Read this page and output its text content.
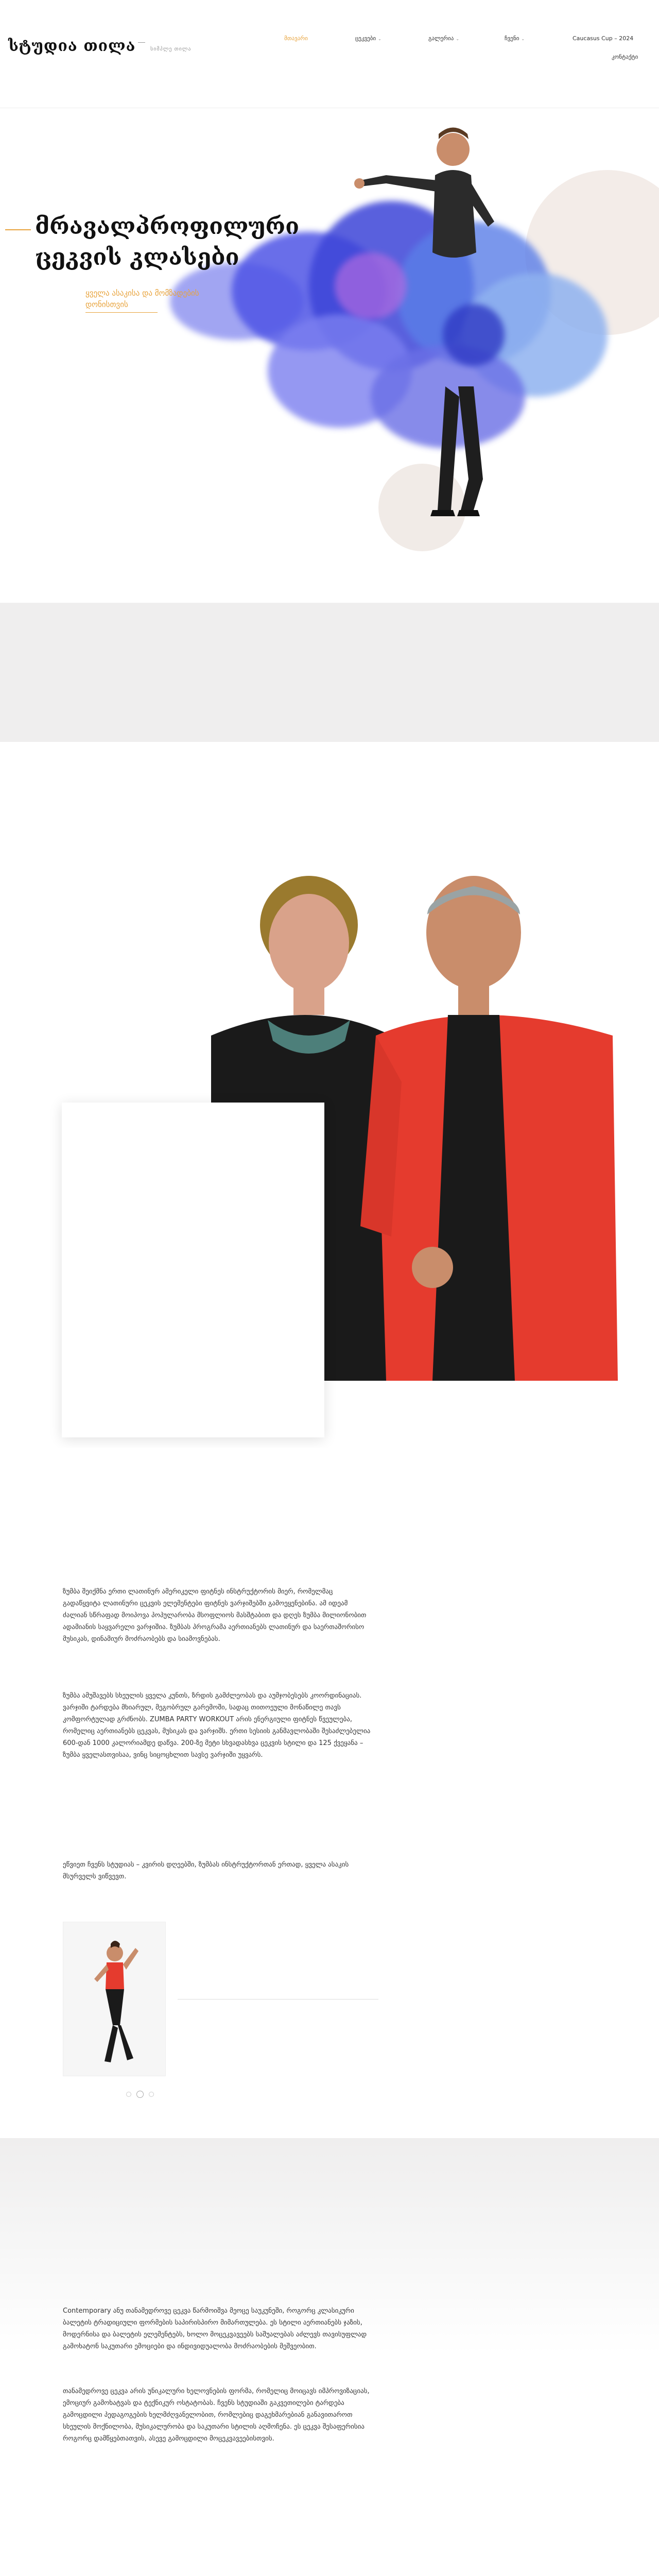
სტუდია თილა	სიმპლე თილა
მთავარი	ცეკვები ⌄	გალერია ⌄	ჩვენი ⌄	Caucasus Cup – 2024
კონტაქტი
მრავალპროფილური ცეკვის კლასები

ყველა ასაკისა და მომზადების დონისთვის

ზუმბა შეიქმნა ერთი ლათინურ ამერიკელი ფიტნეს ინსტრუქტორის მიერ, რომელმაც გადაწყვიტა ლათინური ცეკვის ელემენტები ფიტნეს ვარჯიშებში გამოეყენებინა. ამ იდეამ ძალიან სწრაფად მოიპოვა პოპულარობა მსოფლიოს მასშტაბით და დღეს ზუმბა მილიონობით ადამიანის საყვარელი ვარჯიშია. ზუმბას პროგრამა აერთიანებს ლათინურ და საერთაშორისო მუსიკას, დინამიურ მოძრაობებს და სიამოვნებას.

ზუმბა ამუშავებს სხეულის ყველა კუნთს, ზრდის გამძლეობას და აუმჯობესებს კოორდინაციას. ვარჯიში ტარდება მხიარულ, მეგობრულ გარემოში, სადაც თითოეული მონაწილე თავს კომფორტულად გრძნობს. ZUMBA PARTY WORKOUT არის ენერგიული ფიტნეს წვეულება, რომელიც აერთიანებს ცეკვას, მუსიკას და ვარჯიშს. ერთი სესიის განმავლობაში შესაძლებელია 600-დან 1000 კალორიამდე დაწვა. 200-ზე მეტი სხვადასხვა ცეკვის სტილი და 125 ქვეყანა – ზუმბა ყველასთვისაა, ვინც სიცოცხლით სავსე ვარჯიში უყვარს.

ეწვიეთ ჩვენს სტუდიას – კვირის დღეებში, ზუმბას ინსტრუქტორთან ერთად, ყველა ასაკის მსურველს ვიწვევთ.

Contemporary ანუ თანამედროვე ცეკვა წარმოიშვა მეოცე საუკუნეში, როგორც კლასიკური ბალეტის ტრადიციული ფორმების საპირისპირო მიმართულება. ეს სტილი აერთიანებს ჯაზის, მოდერნისა და ბალეტის ელემენტებს, ხოლო მოცეკვავეებს საშუალებას აძლევს თავისუფლად გამოხატონ საკუთარი ემოციები და ინდივიდუალობა მოძრაობების მეშვეობით.

თანამედროვე ცეკვა არის უნიკალური ხელოვნების ფორმა, რომელიც მოიცავს იმპროვიზაციას, ემოციურ გამოხატვას და ტექნიკურ ოსტატობას. ჩვენს სტუდიაში გაკვეთილები ტარდება გამოცდილი პედაგოგების ხელმძღვანელობით, რომლებიც დაგეხმარებიან განავითაროთ სხეულის მოქნილობა, მუსიკალურობა და საკუთარი სტილის აღმოჩენა. ეს ცეკვა შესაფერისია როგორც დამწყებთათვის, ასევე გამოცდილი მოცეკვავეებისთვის.
